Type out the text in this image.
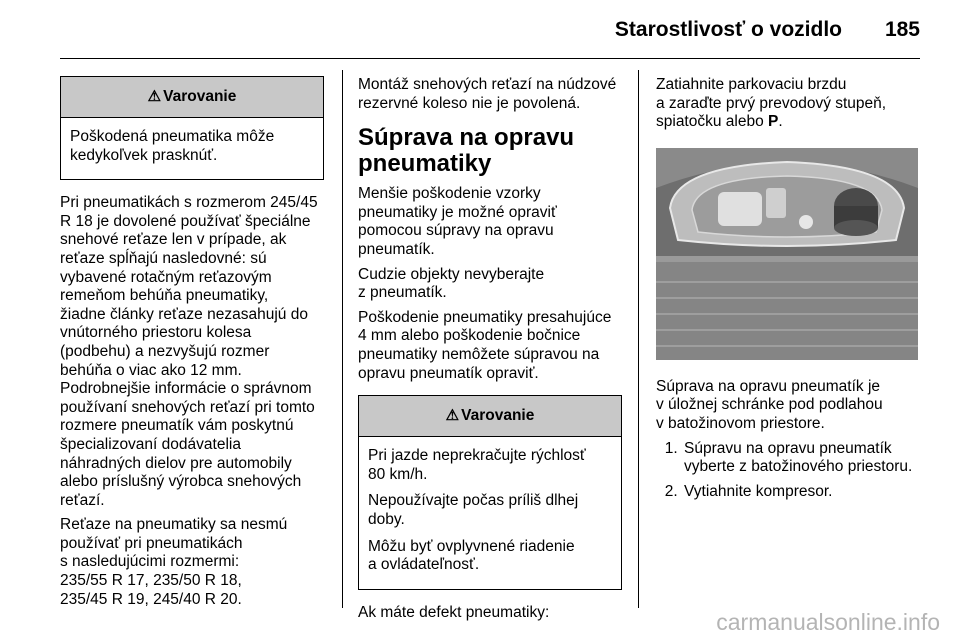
Starostlivosť o vozidlo 185
⚠ Varovanie

Poškodená pneumatika môže
kedykoľvek prasknúť.

Pri pneumatikách s rozmerom 245/45
R 18 je dovolené používať špeciálne
snehové reťaze len v prípade, ak
reťaze spĺňajú nasledovné: sú
vybavené rotačným reťazovým
remeňom behúňa pneumatiky,
žiadne články reťaze nezasahujú do
vnútorného priestoru kolesa
(podbehu) a nezvyšujú rozmer
behúňa o viac ako 12 mm.
Podrobnejšie informácie o správnom
používaní snehových reťazí pri tomto
rozmere pneumatík vám poskytnú
špecializovaní dodávatelia
náhradných dielov pre automobily
alebo príslušný výrobca snehových
reťazí.

Reťaze na pneumatiky sa nesmú
používať pri pneumatikách
s nasledujúcimi rozmermi:
235/55 R 17, 235/50 R 18,
235/45 R 19, 245/40 R 20.

Montáž snehových reťazí na núdzové
rezervné koleso nie je povolená.

Súprava na opravu
pneumatiky

Menšie poškodenie vzorky
pneumatiky je možné opraviť
pomocou súpravy na opravu
pneumatík.

Cudzie objekty nevyberajte
z pneumatík.

Poškodenie pneumatiky presahujúce
4 mm alebo poškodenie bočnice
pneumatiky nemôžete súpravou na
opravu pneumatík opraviť.

⚠ Varovanie

Pri jazde neprekračujte rýchlosť
80 km/h.

Nepoužívajte počas príliš dlhej
doby.

Môžu byť ovplyvnené riadenie
a ovládateľnosť.

Ak máte defekt pneumatiky:

Zatiahnite parkovaciu brzdu
a zaraďte prvý prevodový stupeň,
spiatočku alebo P.

Súprava na opravu pneumatík je
v úložnej schránke pod podlahou
v batožinovom priestore.

1. Súpravu na opravu pneumatík
vyberte z batožinového priestoru.
2. Vytiahnite kompresor.
carmanualsonline.info
